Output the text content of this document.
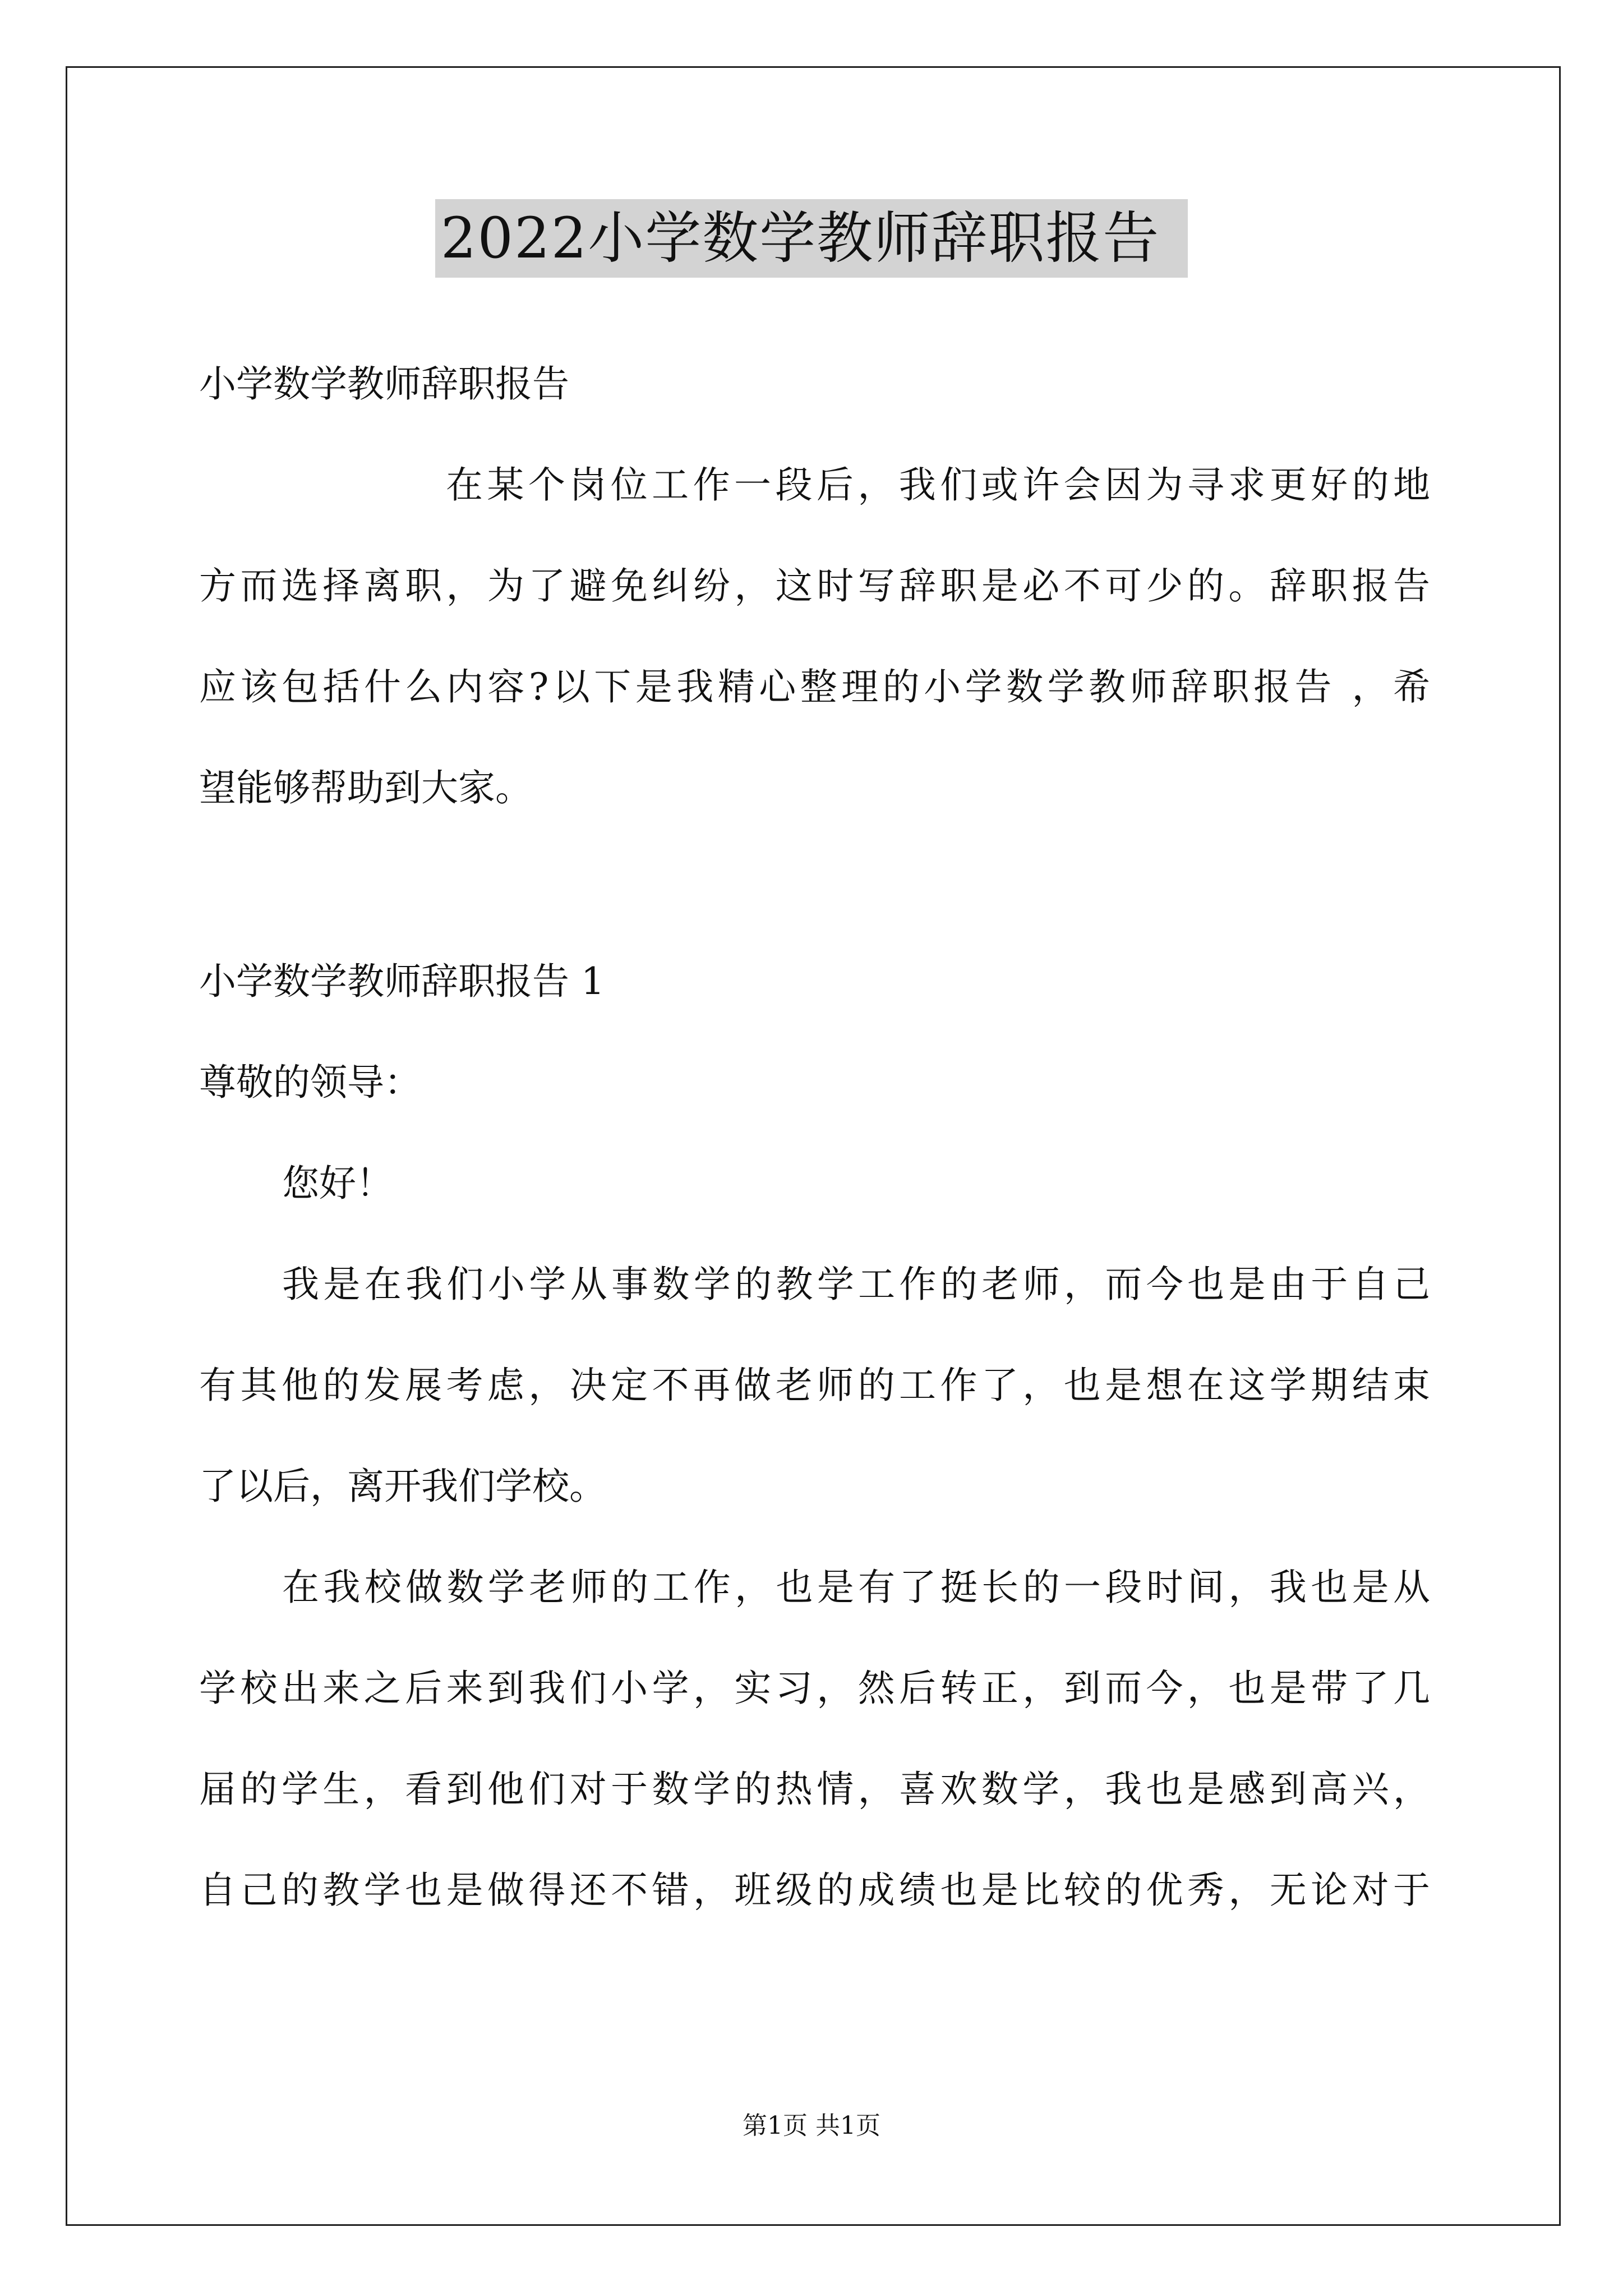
2022小学数学教师辞职报告
小学数学教师辞职报告
在某个岗位工作一段后，我们或许会因为寻求更好的地
方而选择离职，为了避免纠纷，这时写辞职是必不可少的。辞职报告
应该包括什么内容?以下是我精心整理的小学数学教师辞职报告 ，希
望能够帮助到大家。
小学数学教师辞职报告 1
尊敬的领导：
您好！
我是在我们小学从事数学的教学工作的老师，而今也是由于自己
有其他的发展考虑，决定不再做老师的工作了，也是想在这学期结束
了以后，离开我们学校。
在我校做数学老师的工作，也是有了挺长的一段时间，我也是从
学校出来之后来到我们小学，实习，然后转正，到而今，也是带了几
届的学生，看到他们对于数学的热情，喜欢数学，我也是感到高兴，
自己的教学也是做得还不错，班级的成绩也是比较的优秀，无论对于
第1页 共1页
